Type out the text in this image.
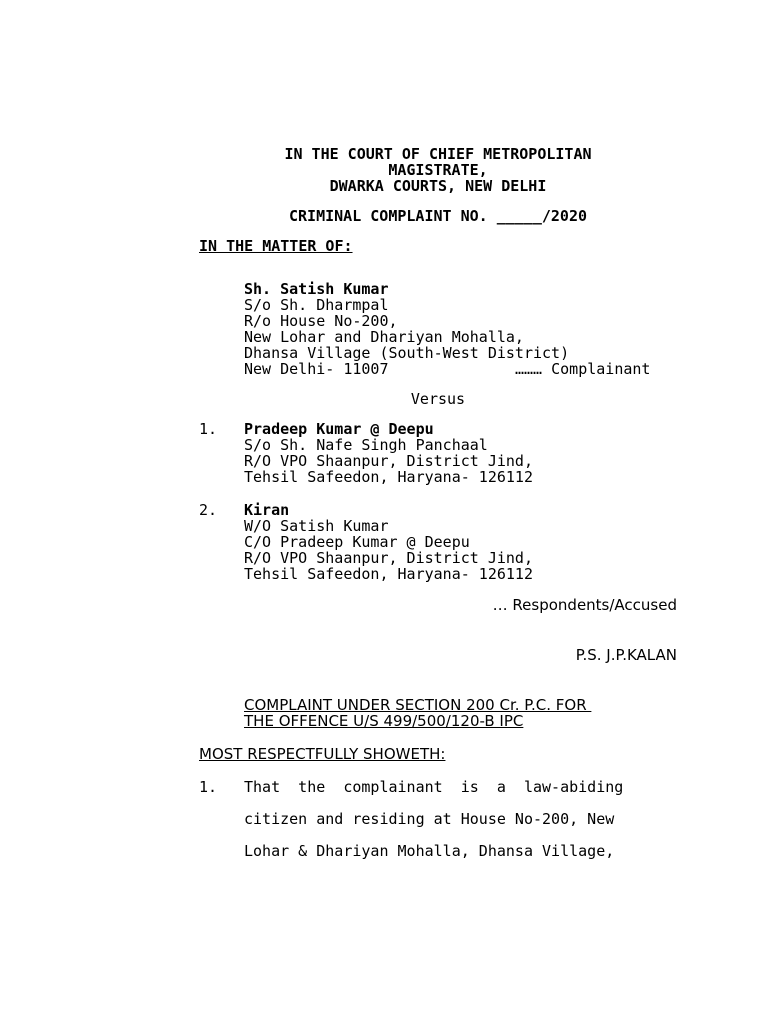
IN THE COURT OF CHIEF METROPOLITAN
MAGISTRATE,
DWARKA COURTS, NEW DELHI
CRIMINAL COMPLAINT NO. _____/2020
IN THE MATTER OF:
Sh. Satish Kumar
S/o Sh. Dharmpal
R/o House No-200,
New Lohar and Dhariyan Mohalla,
Dhansa Village (South-West District)
New Delhi- 11007	……… Complainant
Versus
1. Pradeep Kumar @ Deepu
S/o Sh. Nafe Singh Panchaal
R/O VPO Shaanpur, District Jind,
Tehsil Safeedon, Haryana- 126112
2. Kiran
W/O Satish Kumar
C/O Pradeep Kumar @ Deepu
R/O VPO Shaanpur, District Jind,
Tehsil Safeedon, Haryana- 126112
… Respondents/Accused
P.S. J.P.KALAN
COMPLAINT UNDER SECTION 200 Cr. P.C. FOR
THE OFFENCE U/S 499/500/120-B IPC
MOST RESPECTFULLY SHOWETH:
1. That  the  complainant  is  a  law-abiding
citizen and residing at House No-200, New
Lohar & Dhariyan Mohalla, Dhansa Village,
